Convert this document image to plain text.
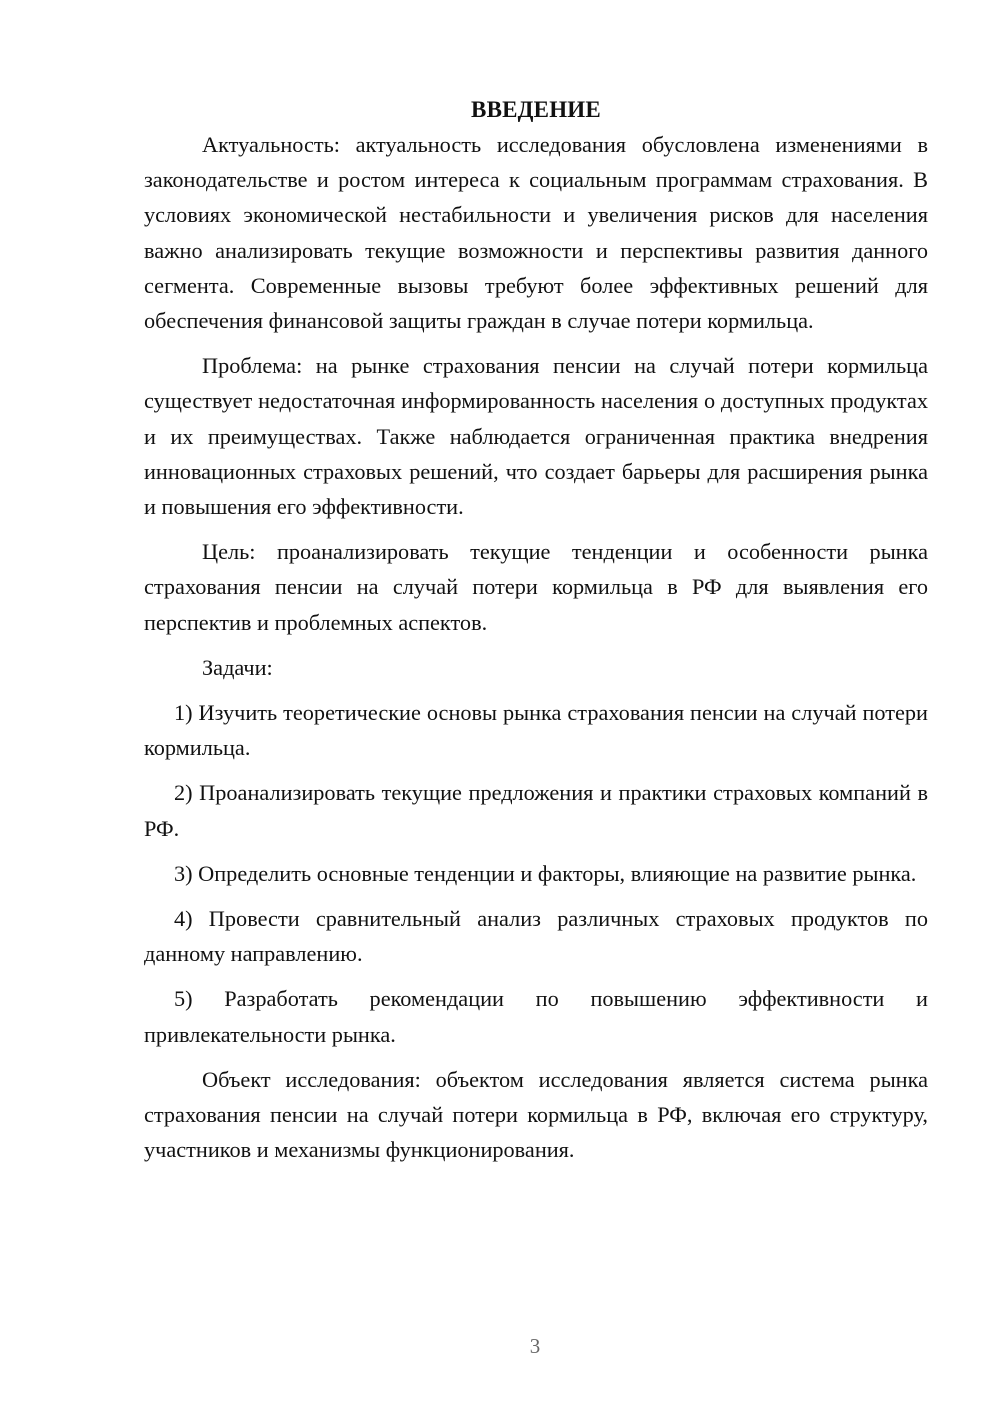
ВВЕДЕНИЕ

Актуальность: актуальность исследования обусловлена изменениями в законодательстве и ростом интереса к социальным программам страхования. В условиях экономической нестабильности и увеличения рисков для населения важно анализировать текущие возможности и перспективы развития данного сегмента. Современные вызовы требуют более эффективных решений для обеспечения финансовой защиты граждан в случае потери кормильца.

Проблема: на рынке страхования пенсии на случай потери кормильца существует недостаточная информированность населения о доступных продуктах и их преимуществах. Также наблюдается ограниченная практика внедрения инновационных страховых решений, что создает барьеры для расширения рынка и повышения его эффективности.

Цель: проанализировать текущие тенденции и особенности рынка страхования пенсии на случай потери кормильца в РФ для выявления его перспектив и проблемных аспектов.

Задачи:

1) Изучить теоретические основы рынка страхования пенсии на случай потери кормильца.

2) Проанализировать текущие предложения и практики страховых компаний в РФ.

3) Определить основные тенденции и факторы, влияющие на развитие рынка.

4) Провести сравнительный анализ различных страховых продуктов по данному направлению.

5) Разработать рекомендации по повышению эффективности и привлекательности рынка.

Объект исследования: объектом исследования является система рынка страхования пенсии на случай потери кормильца в РФ, включая его структуру, участников и механизмы функционирования.

3
